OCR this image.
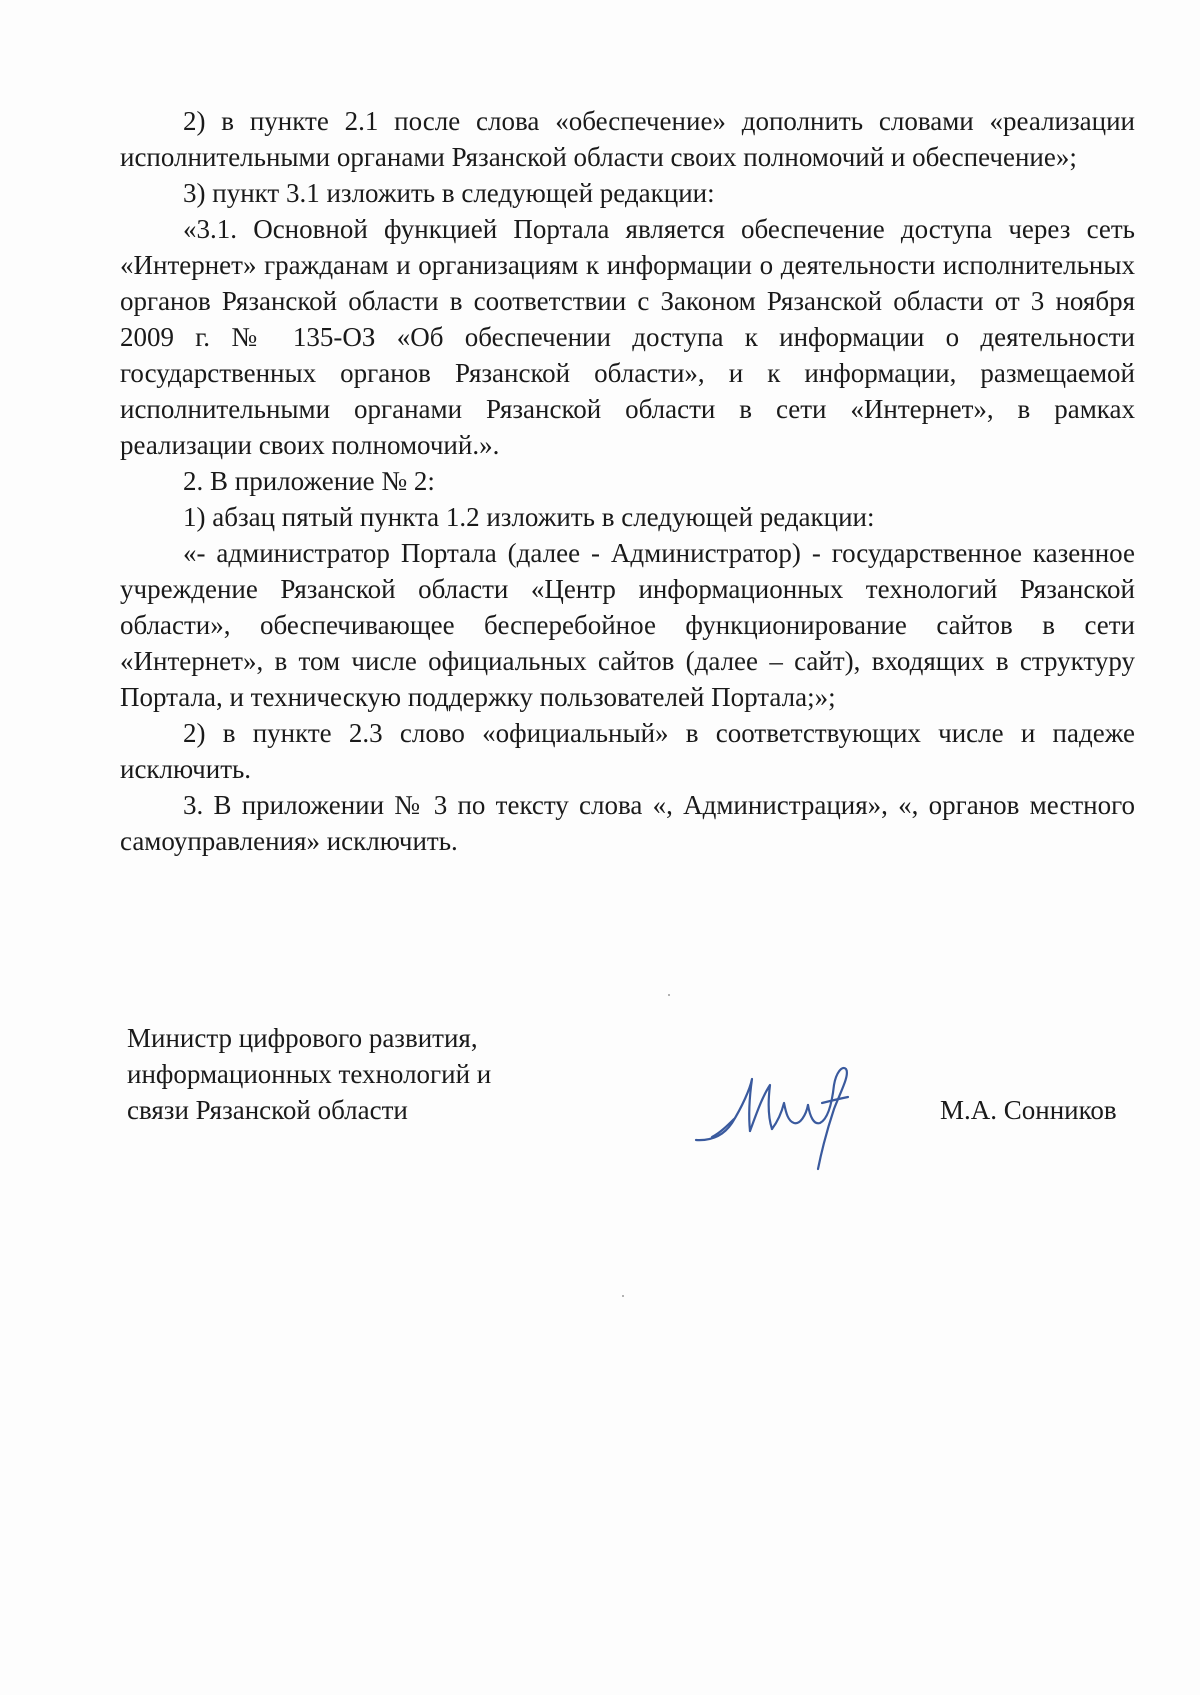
2) в пункте 2.1 после слова «обеспечение» дополнить словами «реализации исполнительными органами Рязанской области своих полномочий и обеспечение»;

3) пункт 3.1 изложить в следующей редакции:

«3.1. Основной функцией Портала является обеспечение доступа через сеть «Интернет» гражданам и организациям к информации о деятельности исполнительных органов Рязанской области в соответствии с Законом Рязанской области от 3 ноября 2009 г. № 135-ОЗ «Об обеспечении доступа к информации о деятельности государственных органов Рязанской области», и к информации, размещаемой исполнительными органами Рязанской области в сети «Интернет», в рамках реализации своих полномочий.».

2. В приложение № 2:

1) абзац пятый пункта 1.2 изложить в следующей редакции:

«- администратор Портала (далее - Администратор) - государственное казенное учреждение Рязанской области «Центр информационных технологий Рязанской области», обеспечивающее бесперебойное функционирование сайтов в сети «Интернет», в том числе официальных сайтов (далее – сайт), входящих в структуру Портала, и техническую поддержку пользователей Портала;»;

2) в пункте 2.3 слово «официальный» в соответствующих числе и падеже исключить.

3. В приложении № 3 по тексту слова «, Администрация», «, органов местного самоуправления» исключить.

Министр цифрового развития,
информационных технологий и
связи Рязанской области	М.А. Сонников
